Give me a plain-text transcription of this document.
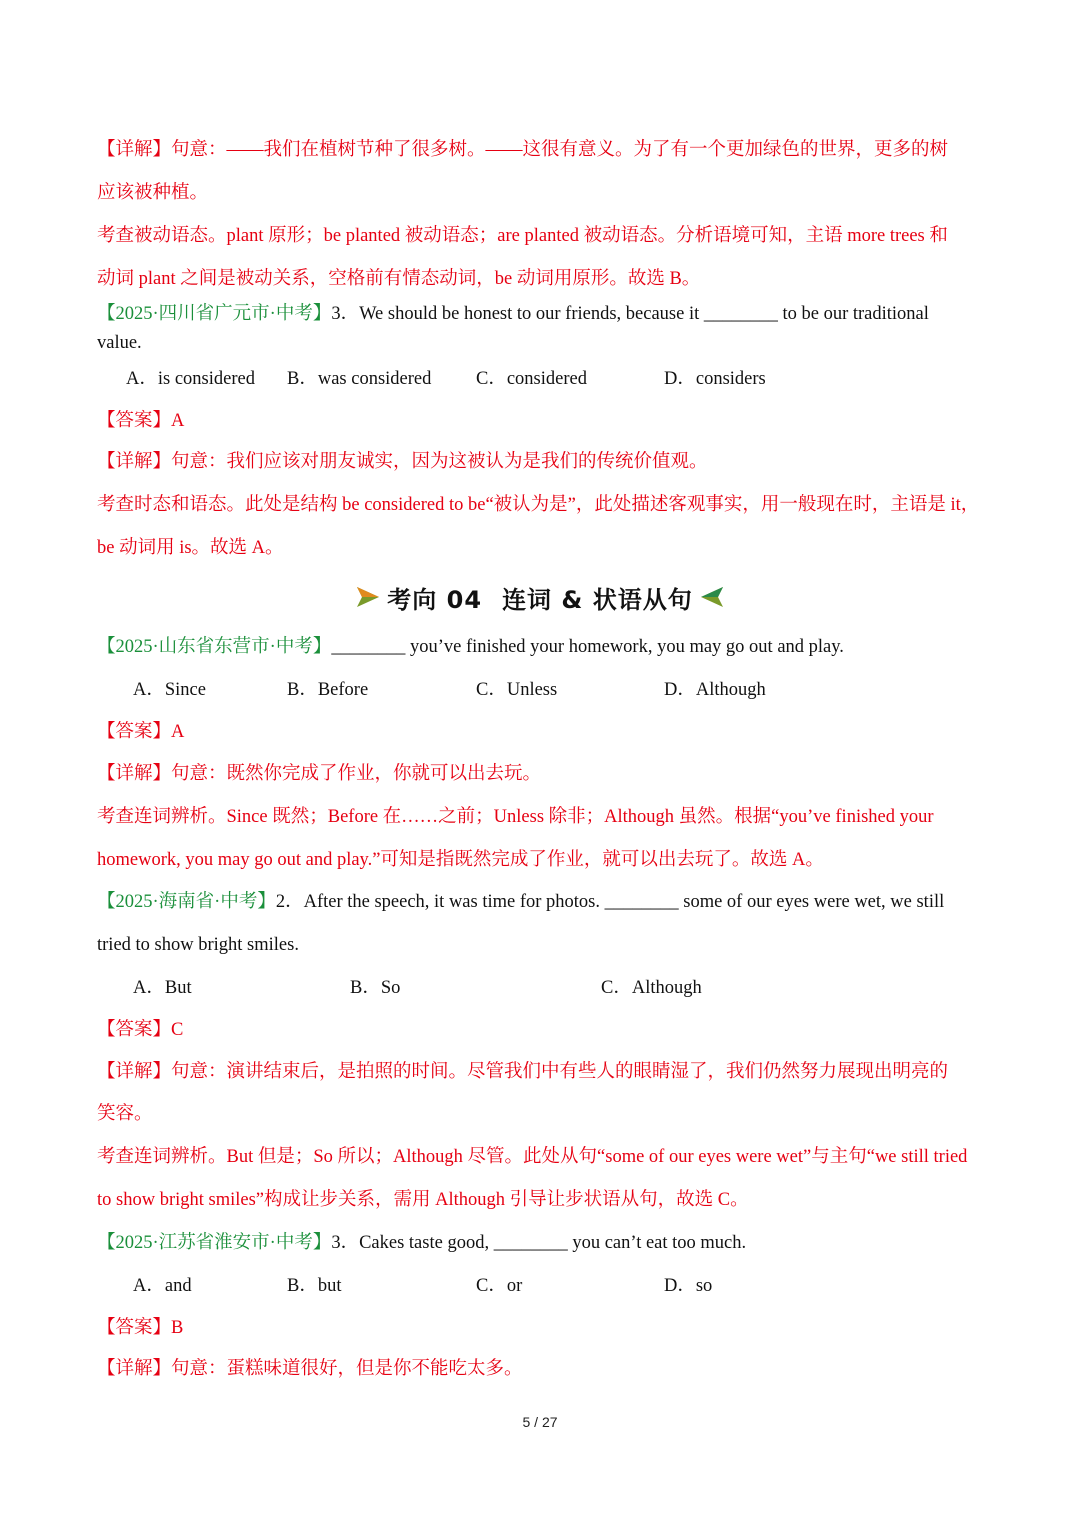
【详解】句意：——我们在植树节种了很多树。——这很有意义。为了有一个更加绿色的世界，更多的树
应该被种植。
考查被动语态。plant 原形；be planted 被动语态；are planted 被动语态。分析语境可知，主语 more trees 和
动词 plant 之间是被动关系，空格前有情态动词，be 动词用原形。故选 B。
【2025·四川省广元市·中考】3．We should be honest to our friends, because it ________ to be our traditional
value.
A．is considered B．was considered C．considered	D．considers
【答案】A
【详解】句意：我们应该对朋友诚实，因为这被认为是我们的传统价值观。
考查时态和语态。此处是结构 be considered to be“被认为是”，此处描述客观事实，用一般现在时，主语是 it，
be 动词用 is。故选 A。
考向 04 连词 & 状语从句
【2025·山东省东营市·中考】________ you’ve finished your homework, you may go out and play.
A．Since	B．Before	C．Unless	D．Although
【答案】A
【详解】句意：既然你完成了作业，你就可以出去玩。
考查连词辨析。Since 既然；Before 在……之前；Unless 除非；Although 虽然。根据“you’ve finished your
homework, you may go out and play.”可知是指既然完成了作业，就可以出去玩了。故选 A。
【2025·海南省·中考】2．After the speech, it was time for photos. ________ some of our eyes were wet, we still
tried to show bright smiles.
A．But	B．So	C．Although
【答案】C
【详解】句意：演讲结束后，是拍照的时间。尽管我们中有些人的眼睛湿了，我们仍然努力展现出明亮的
笑容。
考查连词辨析。But 但是；So 所以；Although 尽管。此处从句“some of our eyes were wet”与主句“we still tried
to show bright smiles”构成让步关系，需用 Although 引导让步状语从句，故选 C。
【2025·江苏省淮安市·中考】3．Cakes taste good, ________ you can’t eat too much.
A．and	B．but	C．or	D．so
【答案】B
【详解】句意：蛋糕味道很好，但是你不能吃太多。
5 / 27
